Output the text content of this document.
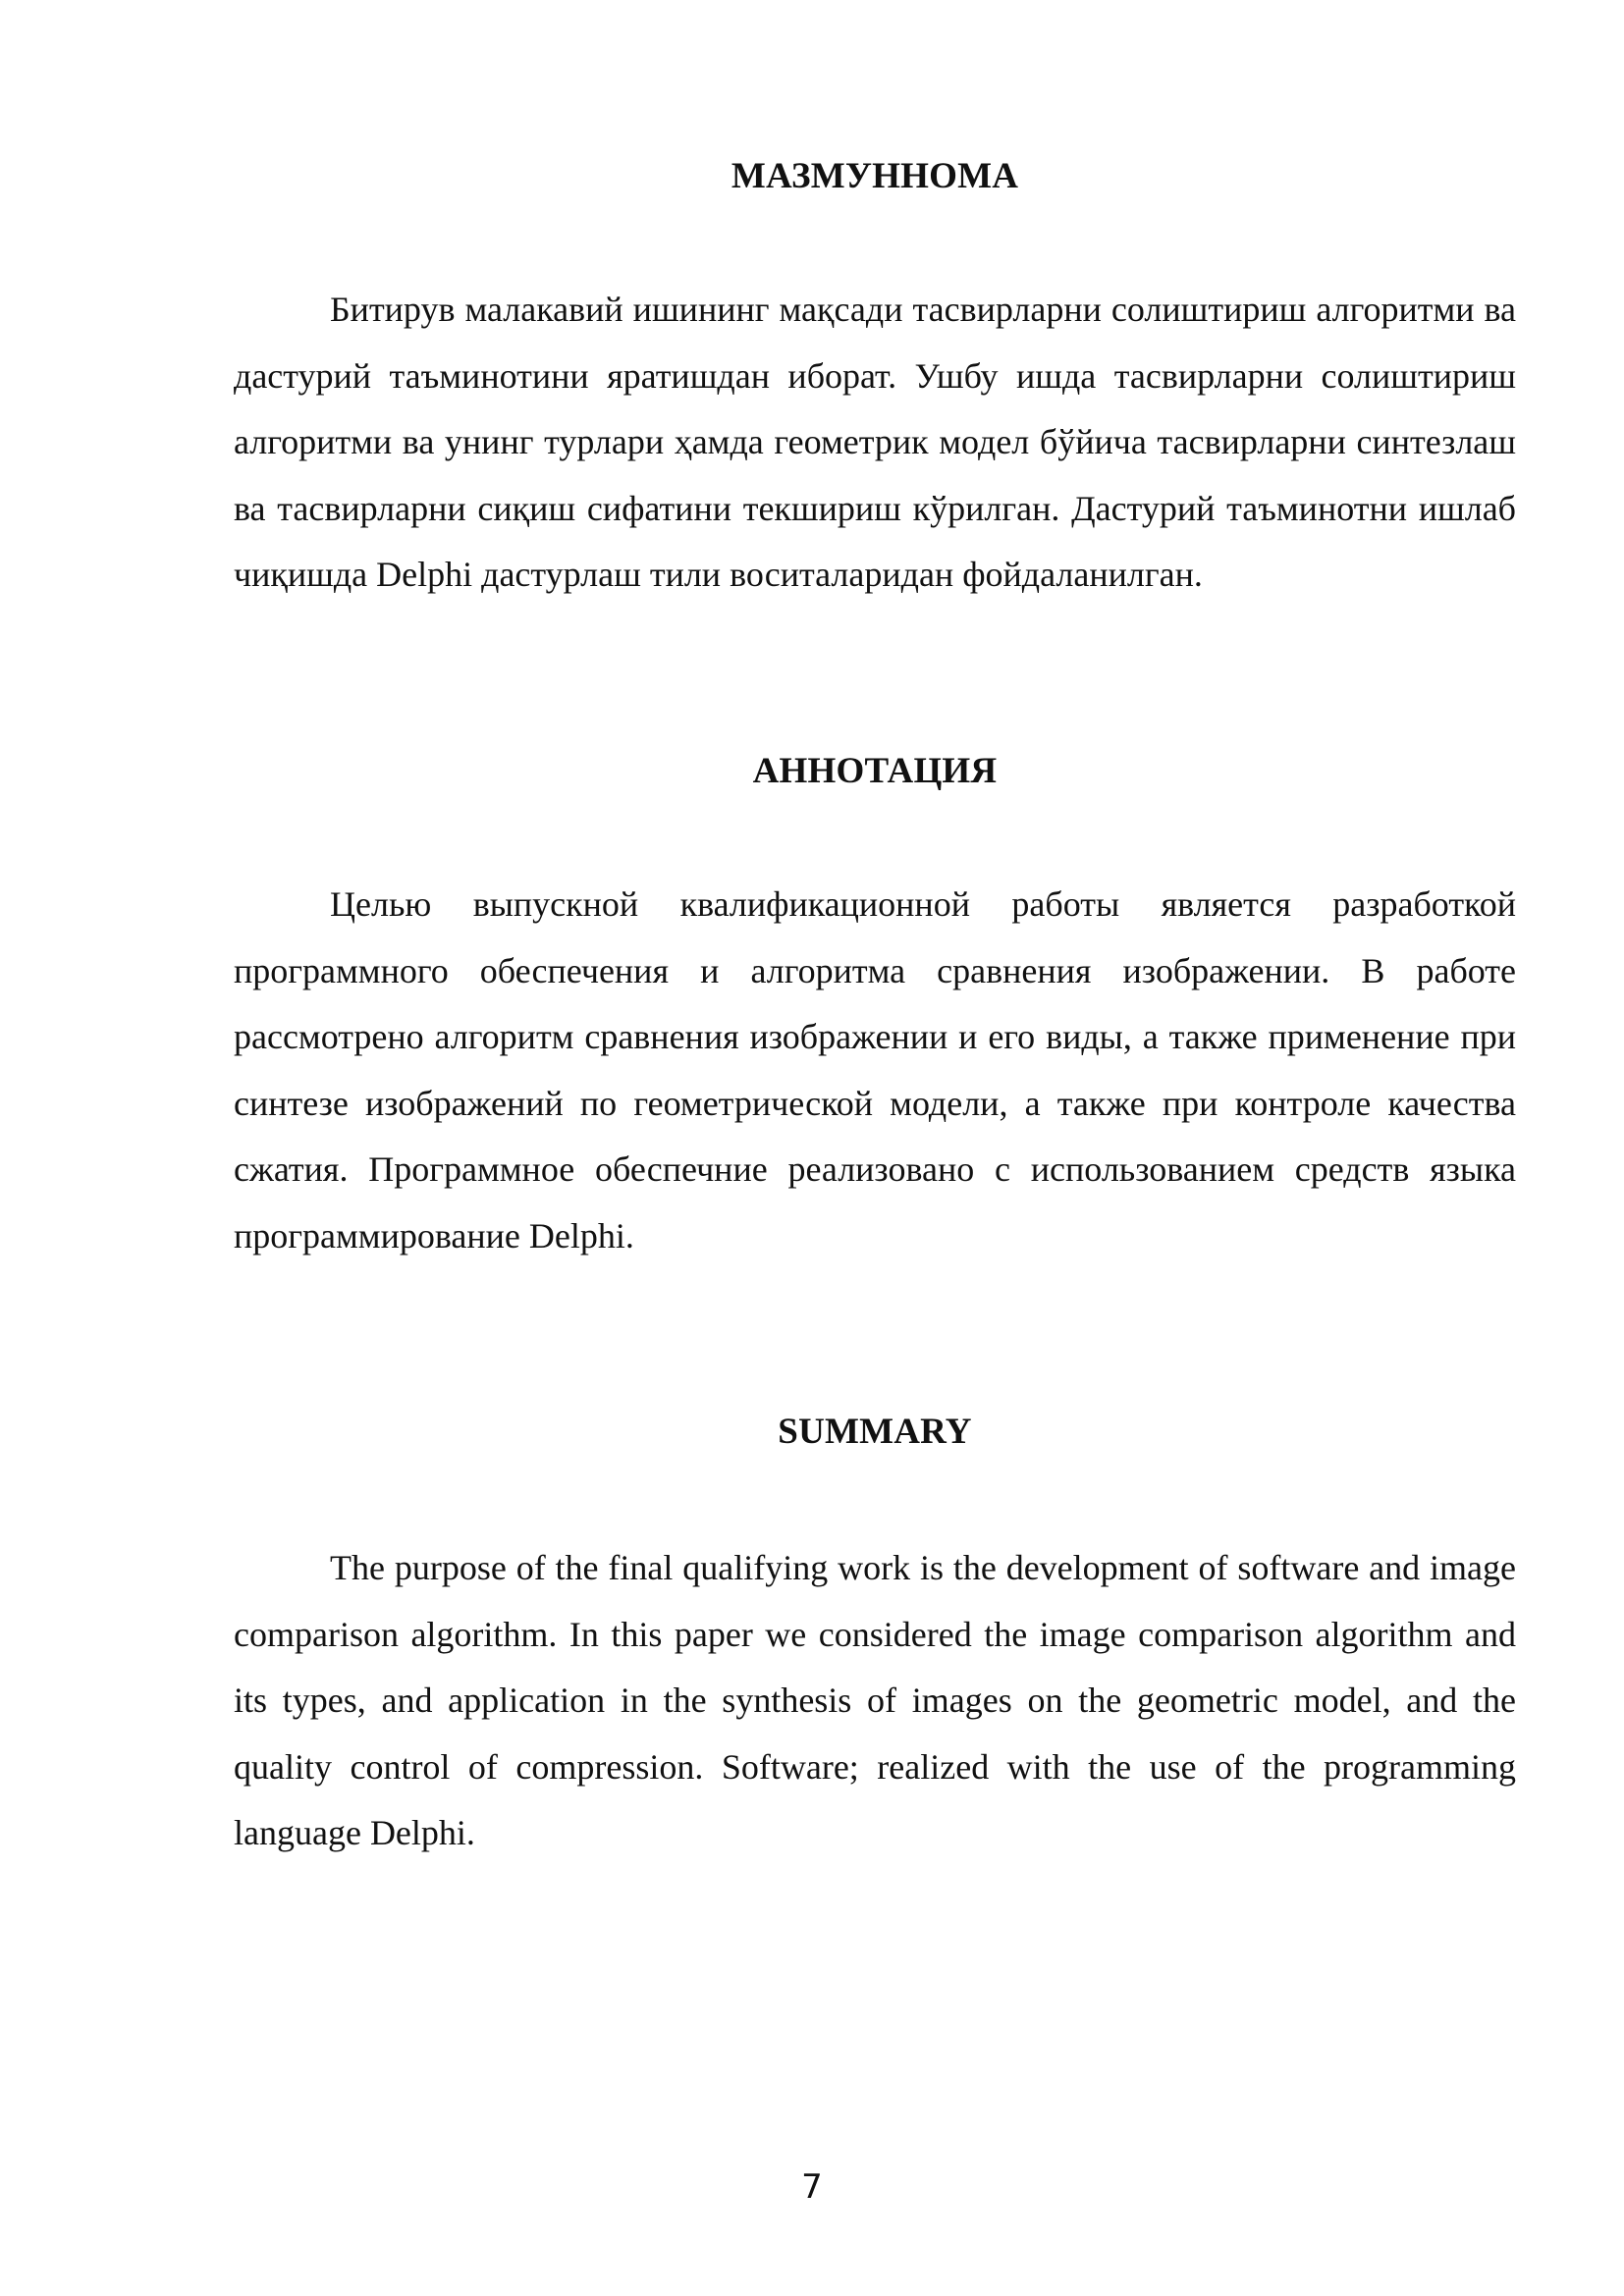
МАЗМУННОМА

Битирув малакавий ишининг мақсади тасвирларни солиштириш алгоритми ва дастурий таъминотини яратишдан иборат. Ушбу ишда тасвирларни солиштириш алгоритми ва унинг турлари ҳамда геометрик модел бўйича тасвирларни синтезлаш ва тасвирларни сиқиш сифатини текшириш кўрилган. Дастурий таъминотни ишлаб чиқишда Delphi дастурлаш тили воситаларидан фойдаланилган.

АННОТАЦИЯ

Целью выпускной квалификационной работы является разработкой программного обеспечения и алгоритма сравнения изображении. В работе рассмотрено алгоритм сравнения изображении и его виды, а также применение при синтезе изображений по геометрической модели, а также при контроле качества сжатия. Программное обеспечние реализовано с использованием средств языка программирование Delphi.

SUMMARY

The purpose of the final qualifying work is the development of software and image comparison algorithm. In this paper we considered the image comparison algorithm and its types, and application in the synthesis of images on the geometric model, and the quality control of compression. Software; realized with the use of the programming language Delphi.

7
